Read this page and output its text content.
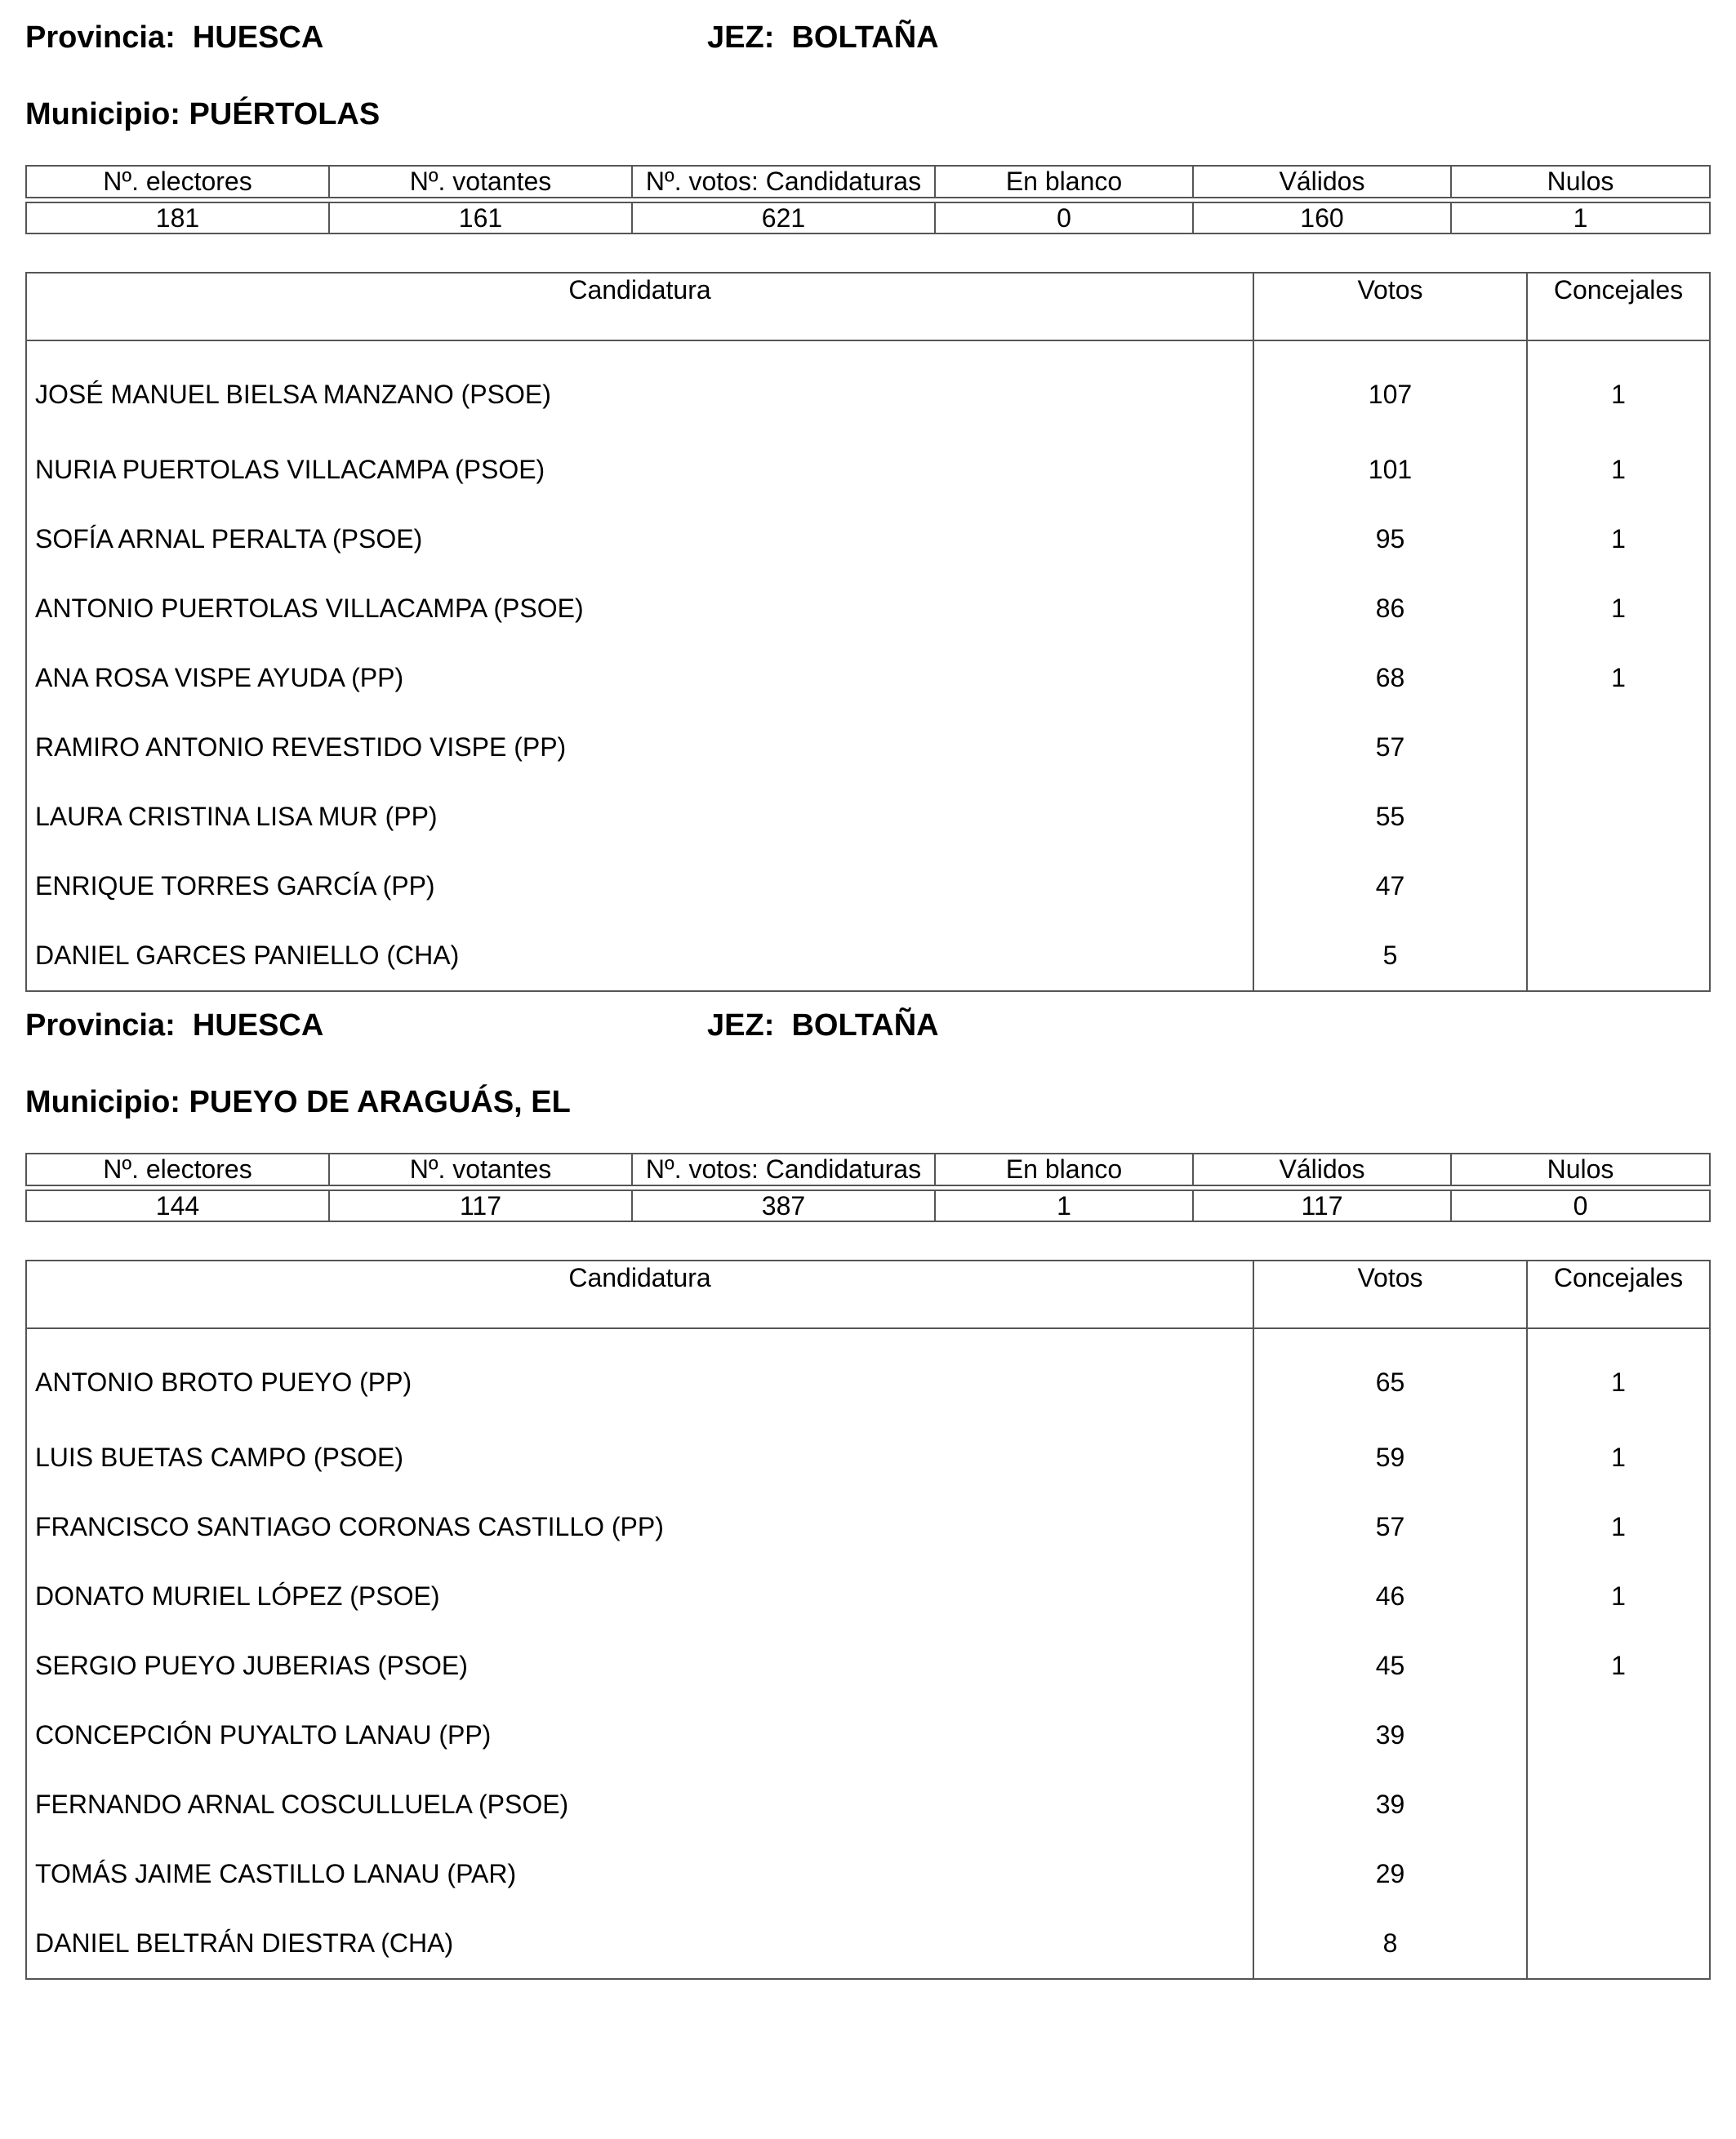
Provincia: HUESCA	JEZ: BOLTAÑA
Municipio: PUÉRTOLAS
Nº. electores	Nº. votantes	Nº. votos: Candidaturas	En blanco	Válidos	Nulos

181	161	621	0	160	1
Candidatura	Votos	Concejales
JOSÉ MANUEL BIELSA MANZANO (PSOE)	107	1
NURIA PUERTOLAS VILLACAMPA (PSOE)	101	1
SOFÍA ARNAL PERALTA (PSOE)	95	1
ANTONIO PUERTOLAS VILLACAMPA (PSOE)	86	1
ANA ROSA VISPE AYUDA (PP)	68	1
RAMIRO ANTONIO REVESTIDO VISPE (PP)	57	
LAURA CRISTINA LISA MUR (PP)	55	
ENRIQUE TORRES GARCÍA (PP)	47	
DANIEL GARCES PANIELLO (CHA)	5	
Provincia: HUESCA	JEZ: BOLTAÑA
Municipio: PUEYO DE ARAGUÁS, EL
Nº. electores	Nº. votantes	Nº. votos: Candidaturas	En blanco	Válidos	Nulos

144	117	387	1	117	0
Candidatura	Votos	Concejales
ANTONIO BROTO PUEYO (PP)	65	1
LUIS BUETAS CAMPO (PSOE)	59	1
FRANCISCO SANTIAGO CORONAS CASTILLO (PP)	57	1
DONATO MURIEL LÓPEZ (PSOE)	46	1
SERGIO PUEYO JUBERIAS (PSOE)	45	1
CONCEPCIÓN PUYALTO LANAU (PP)	39	
FERNANDO ARNAL COSCULLUELA (PSOE)	39	
TOMÁS JAIME CASTILLO LANAU (PAR)	29	
DANIEL BELTRÁN DIESTRA (CHA)	8	
